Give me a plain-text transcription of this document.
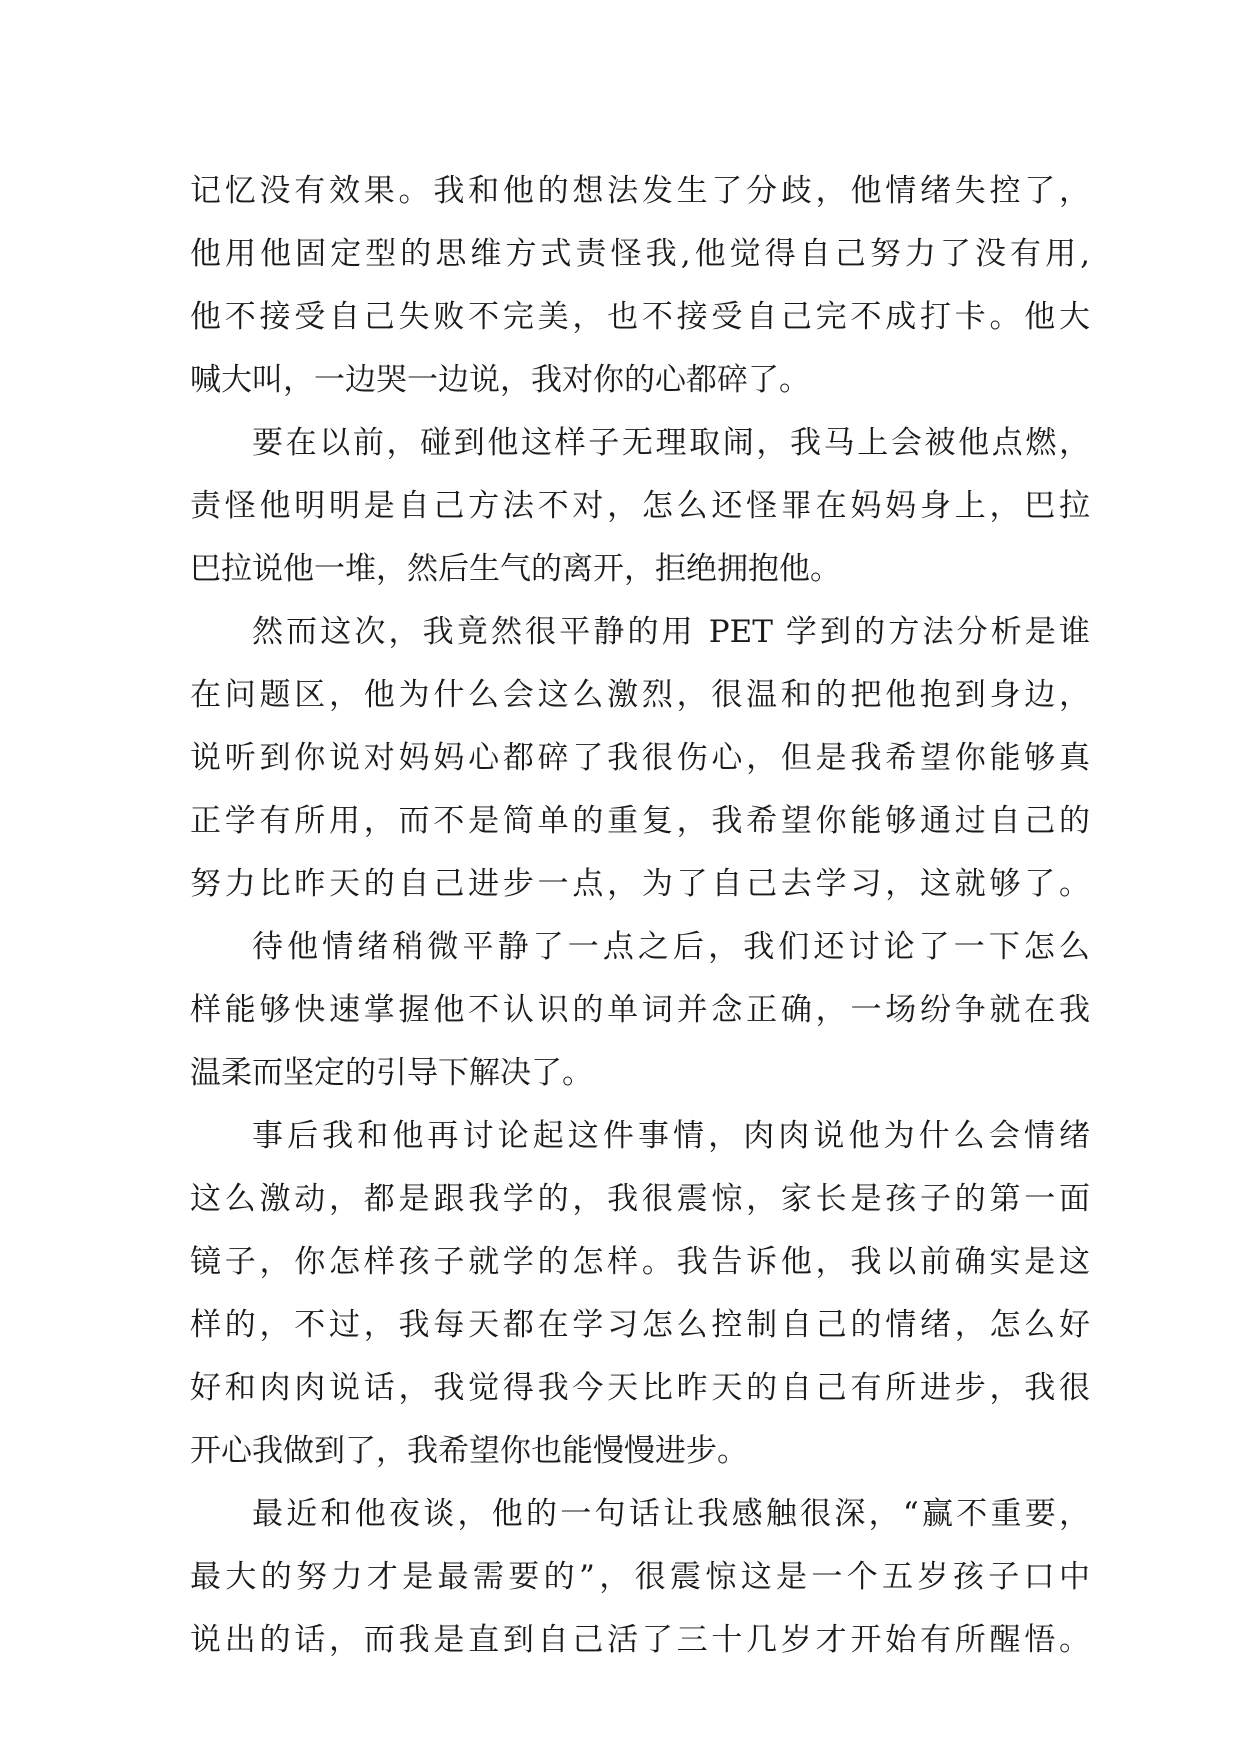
记忆没有效果。我和他的想法发生了分歧，他情绪失控了，
他用他固定型的思维方式责怪我,他觉得自己努力了没有用,
他不接受自己失败不完美，也不接受自己完不成打卡。他大
喊大叫，一边哭一边说，我对你的心都碎了。
要在以前，碰到他这样子无理取闹，我马上会被他点燃，
责怪他明明是自己方法不对，怎么还怪罪在妈妈身上，巴拉
巴拉说他一堆，然后生气的离开，拒绝拥抱他。
然而这次，我竟然很平静的用 PET 学到的方法分析是谁
在问题区，他为什么会这么激烈，很温和的把他抱到身边，
说听到你说对妈妈心都碎了我很伤心，但是我希望你能够真
正学有所用，而不是简单的重复，我希望你能够通过自己的
努力比昨天的自己进步一点，为了自己去学习，这就够了。
待他情绪稍微平静了一点之后，我们还讨论了一下怎么
样能够快速掌握他不认识的单词并念正确，一场纷争就在我
温柔而坚定的引导下解决了。
事后我和他再讨论起这件事情，肉肉说他为什么会情绪
这么激动，都是跟我学的，我很震惊，家长是孩子的第一面
镜子，你怎样孩子就学的怎样。我告诉他，我以前确实是这
样的，不过，我每天都在学习怎么控制自己的情绪，怎么好
好和肉肉说话，我觉得我今天比昨天的自己有所进步，我很
开心我做到了，我希望你也能慢慢进步。
最近和他夜谈，他的一句话让我感触很深，“赢不重要，
最大的努力才是最需要的”，很震惊这是一个五岁孩子口中
说出的话，而我是直到自己活了三十几岁才开始有所醒悟。
